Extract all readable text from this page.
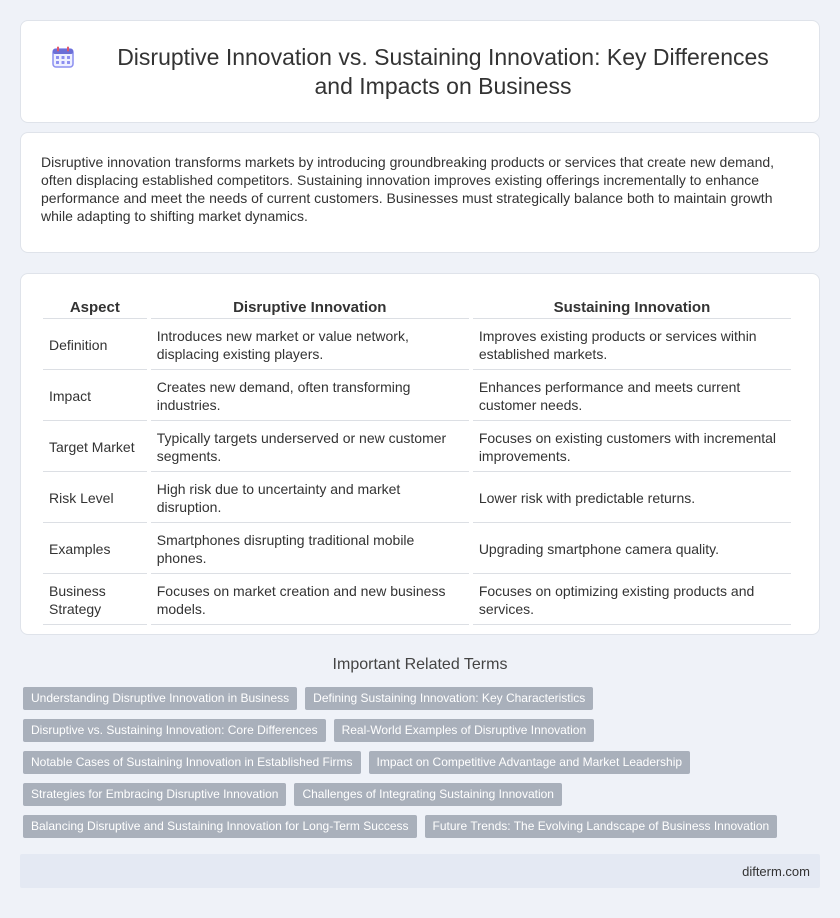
Disruptive Innovation vs. Sustaining Innovation: Key Differences and Impacts on Business

Disruptive innovation transforms markets by introducing groundbreaking products or services that create new demand, often displacing established competitors. Sustaining innovation improves existing offerings incrementally to enhance performance and meet the needs of current customers. Businesses must strategically balance both to maintain growth while adapting to shifting market dynamics.

Aspect	Disruptive Innovation	Sustaining Innovation
Definition	Introduces new market or value network, displacing existing players.	Improves existing products or services within established markets.
Impact	Creates new demand, often transforming industries.	Enhances performance and meets current customer needs.
Target Market	Typically targets underserved or new customer segments.	Focuses on existing customers with incremental improvements.
Risk Level	High risk due to uncertainty and market disruption.	Lower risk with predictable returns.
Examples	Smartphones disrupting traditional mobile phones.	Upgrading smartphone camera quality.
Business Strategy	Focuses on market creation and new business models.	Focuses on optimizing existing products and services.
Important Related Terms
Understanding Disruptive Innovation in Business	Defining Sustaining Innovation: Key Characteristics
Disruptive vs. Sustaining Innovation: Core Differences	Real-World Examples of Disruptive Innovation
Notable Cases of Sustaining Innovation in Established Firms	Impact on Competitive Advantage and Market Leadership
Strategies for Embracing Disruptive Innovation	Challenges of Integrating Sustaining Innovation
Balancing Disruptive and Sustaining Innovation for Long-Term Success	Future Trends: The Evolving Landscape of Business Innovation
difterm.com
